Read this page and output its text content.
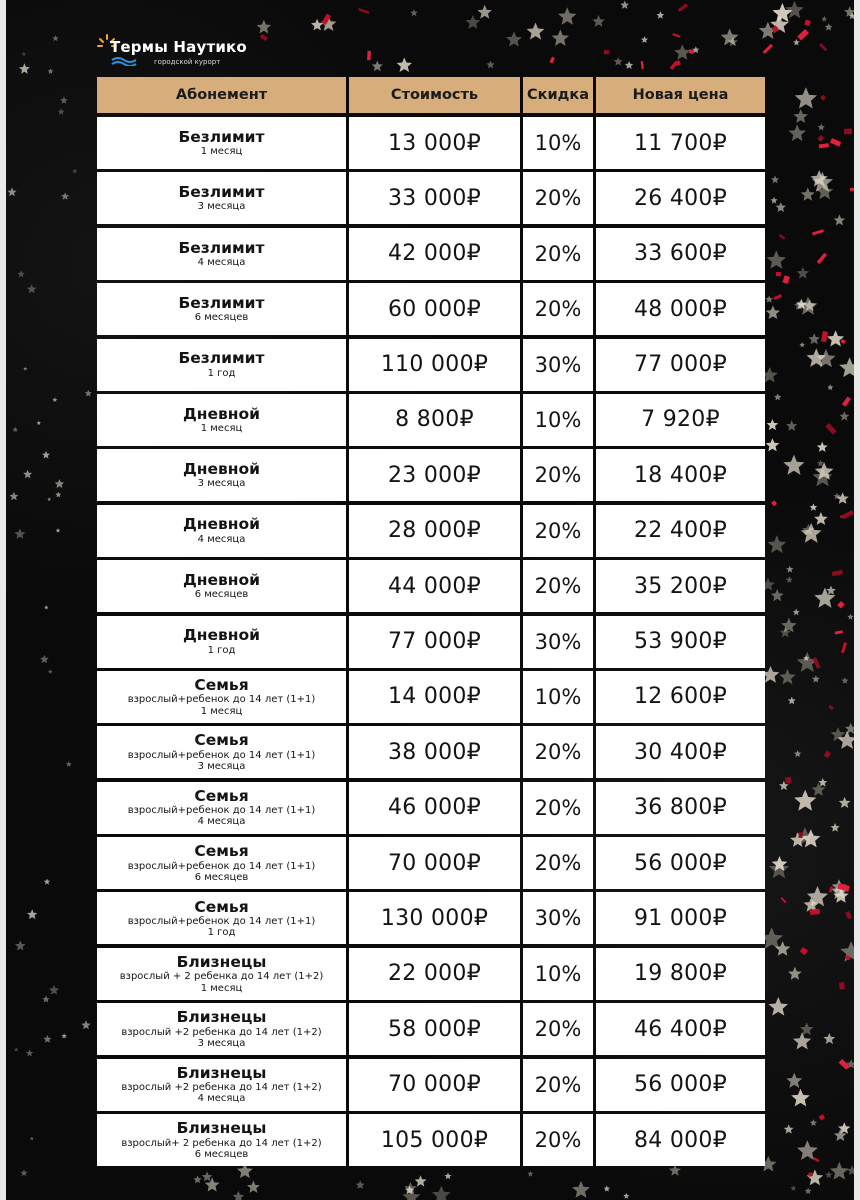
Термы Наутико
городской курорт
Абонемент	Стоимость	Скидка	Новая цена
Безлимит
1 месяц	13 000₽	10%	11 700₽
Безлимит
3 месяца	33 000₽	20%	26 400₽
Безлимит
4 месяца	42 000₽	20%	33 600₽
Безлимит
6 месяцев	60 000₽	20%	48 000₽
Безлимит
1 год	110 000₽	30%	77 000₽
Дневной
1 месяц	8 800₽	10%	7 920₽
Дневной
3 месяца	23 000₽	20%	18 400₽
Дневной
4 месяца	28 000₽	20%	22 400₽
Дневной
6 месяцев	44 000₽	20%	35 200₽
Дневной
1 год	77 000₽	30%	53 900₽
Семья
взрослый+ребенок до 14 лет (1+1)
1 месяц
14 000₽	10%	12 600₽
Семья
взрослый+ребенок до 14 лет (1+1)
3 месяца
38 000₽	20%	30 400₽
Семья
взрослый+ребенок до 14 лет (1+1)
4 месяца
46 000₽	20%	36 800₽
Семья
взрослый+ребенок до 14 лет (1+1)
6 месяцев
70 000₽	20%	56 000₽
Семья
взрослый+ребенок до 14 лет (1+1)
1 год
130 000₽	30%	91 000₽
Близнецы
взрослый + 2 ребенка до 14 лет (1+2)
1 месяц
22 000₽	10%	19 800₽
Близнецы
взрослый +2 ребенка до 14 лет (1+2)
3 месяца
58 000₽	20%	46 400₽
Близнецы
взрослый +2 ребенка до 14 лет (1+2)
4 месяца
70 000₽	20%	56 000₽
Близнецы
взрослый+ 2 ребенка до 14 лет (1+2)
6 месяцев
105 000₽	20%	84 000₽
